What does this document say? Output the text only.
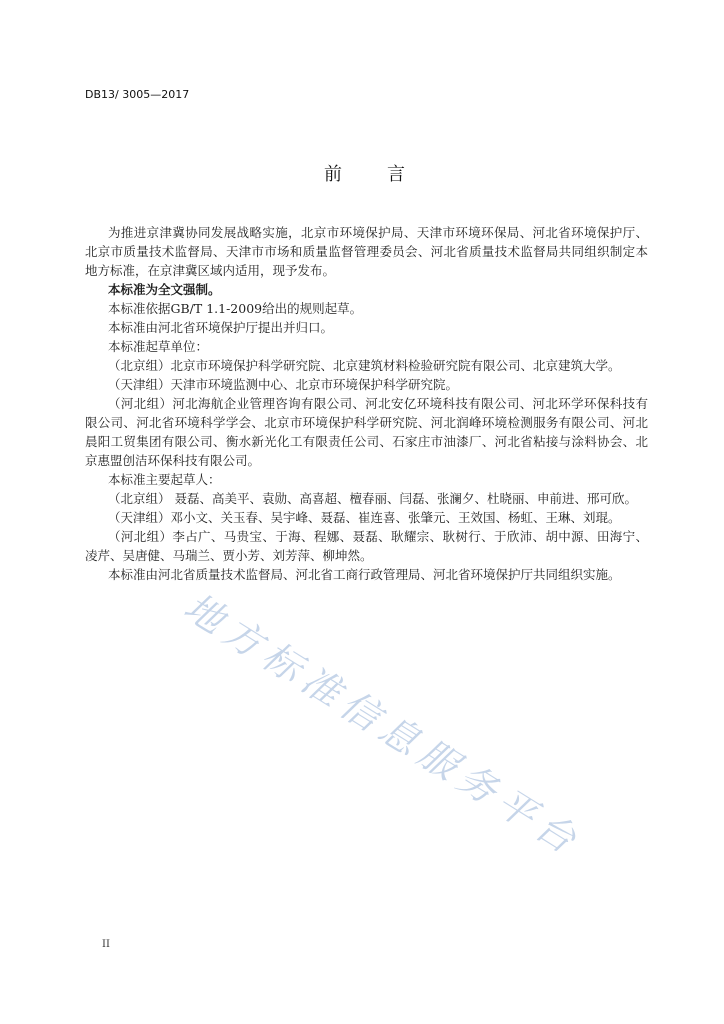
DB13/ 3005—2017
前　　言
地方标准信息服务平台
为推进京津冀协同发展战略实施，北京市环境保护局、天津市环境环保局、河北省环境保护厅、
北京市质量技术监督局、天津市市场和质量监督管理委员会、河北省质量技术监督局共同组织制定本
地方标准，在京津冀区域内适用，现予发布。
本标准为全文强制。
本标准依据GB/T 1.1-2009给出的规则起草。
本标准由河北省环境保护厅提出并归口。
本标准起草单位：
（北京组）北京市环境保护科学研究院、北京建筑材料检验研究院有限公司、北京建筑大学。
（天津组）天津市环境监测中心、北京市环境保护科学研究院。
（河北组）河北海航企业管理咨询有限公司、河北安亿环境科技有限公司、河北环学环保科技有
限公司、河北省环境科学学会、北京市环境保护科学研究院、河北润峰环境检测服务有限公司、河北
晨阳工贸集团有限公司、衡水新光化工有限责任公司、石家庄市油漆厂、河北省粘接与涂料协会、北
京惠盟创洁环保科技有限公司。
本标准主要起草人：
（北京组） 聂磊、高美平、袁勋、高喜超、檀春丽、闫磊、张澜夕、杜晓丽、申前进、邢可欣。
（天津组）邓小文、关玉春、吴宇峰、聂磊、崔连喜、张肇元、王效国、杨虹、王琳、刘琨。
（河北组）李占广、马贵宝、于海、程娜、聂磊、耿耀宗、耿树行、于欣沛、胡中源、田海宁、
凌芹、吴唐健、马瑞兰、贾小芳、刘芳萍、柳坤然。
本标准由河北省质量技术监督局、河北省工商行政管理局、河北省环境保护厅共同组织实施。
II
